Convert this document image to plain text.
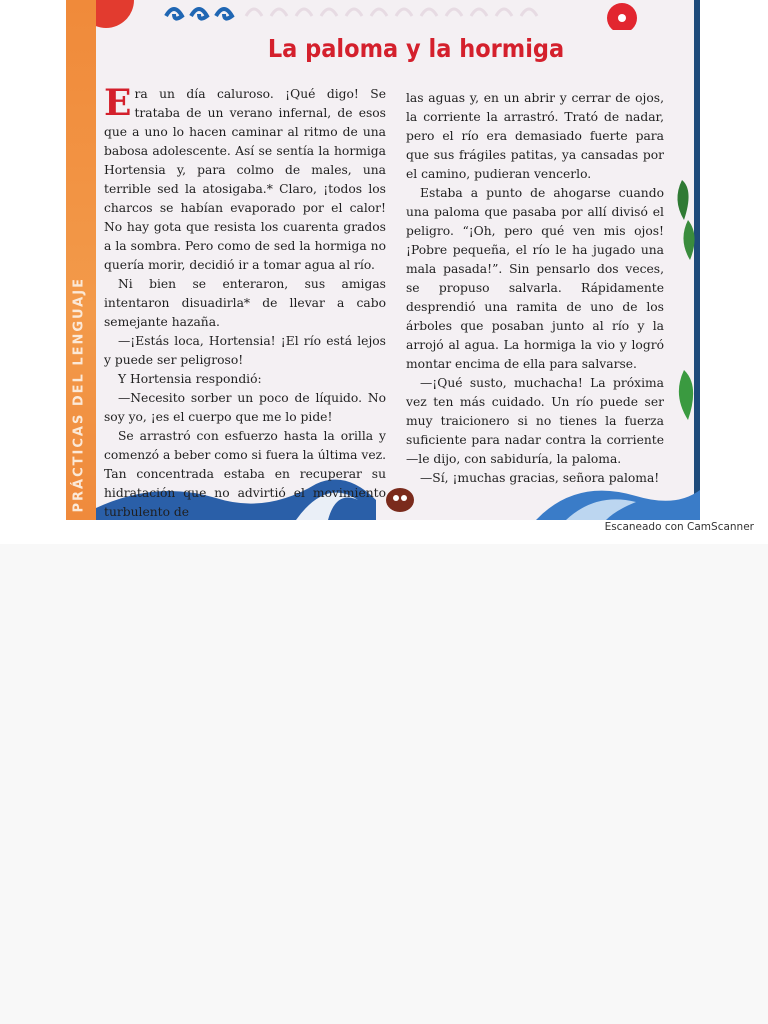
PRÁCTICAS DEL LENGUAJE
La paloma y la hormiga

Era un día caluroso. ¡Qué digo! Se trataba de un verano infernal, de esos que a uno lo hacen caminar al ritmo de una babosa adolescente. Así se sentía la hormiga Hortensia y, para colmo de males, una terrible sed la atosigaba.* Claro, ¡todos los charcos se habían evaporado por el calor! No hay gota que resista los cuarenta grados a la sombra. Pero como de sed la hormiga no quería morir, decidió ir a tomar agua al río.

Ni bien se enteraron, sus amigas intentaron disuadirla* de llevar a cabo semejante hazaña.

—¡Estás loca, Hortensia! ¡El río está lejos y puede ser peligroso!

Y Hortensia respondió:

—Necesito sorber un poco de líquido. No soy yo, ¡es el cuerpo que me lo pide!

Se arrastró con esfuerzo hasta la orilla y comenzó a beber como si fuera la última vez. Tan concentrada estaba en recuperar su hidratación que no advirtió el movimiento turbulento de

las aguas y, en un abrir y cerrar de ojos, la corriente la arrastró. Trató de nadar, pero el río era demasiado fuerte para que sus frágiles patitas, ya cansadas por el camino, pudieran vencerlo.

Estaba a punto de ahogarse cuando una paloma que pasaba por allí divisó el peligro. “¡Oh, pero qué ven mis ojos! ¡Pobre pequeña, el río le ha jugado una mala pasada!”. Sin pensarlo dos veces, se propuso salvarla. Rápidamente desprendió una ramita de uno de los árboles que posaban junto al río y la arrojó al agua. La hormiga la vio y logró montar encima de ella para salvarse.

—¡Qué susto, muchacha! La próxima vez ten más cuidado. Un río puede ser muy traicionero si no tienes la fuerza suficiente para nadar contra la corriente —le dijo, con sabiduría, la paloma.

—Sí, ¡muchas gracias, señora paloma!

Escaneado con CamScanner
